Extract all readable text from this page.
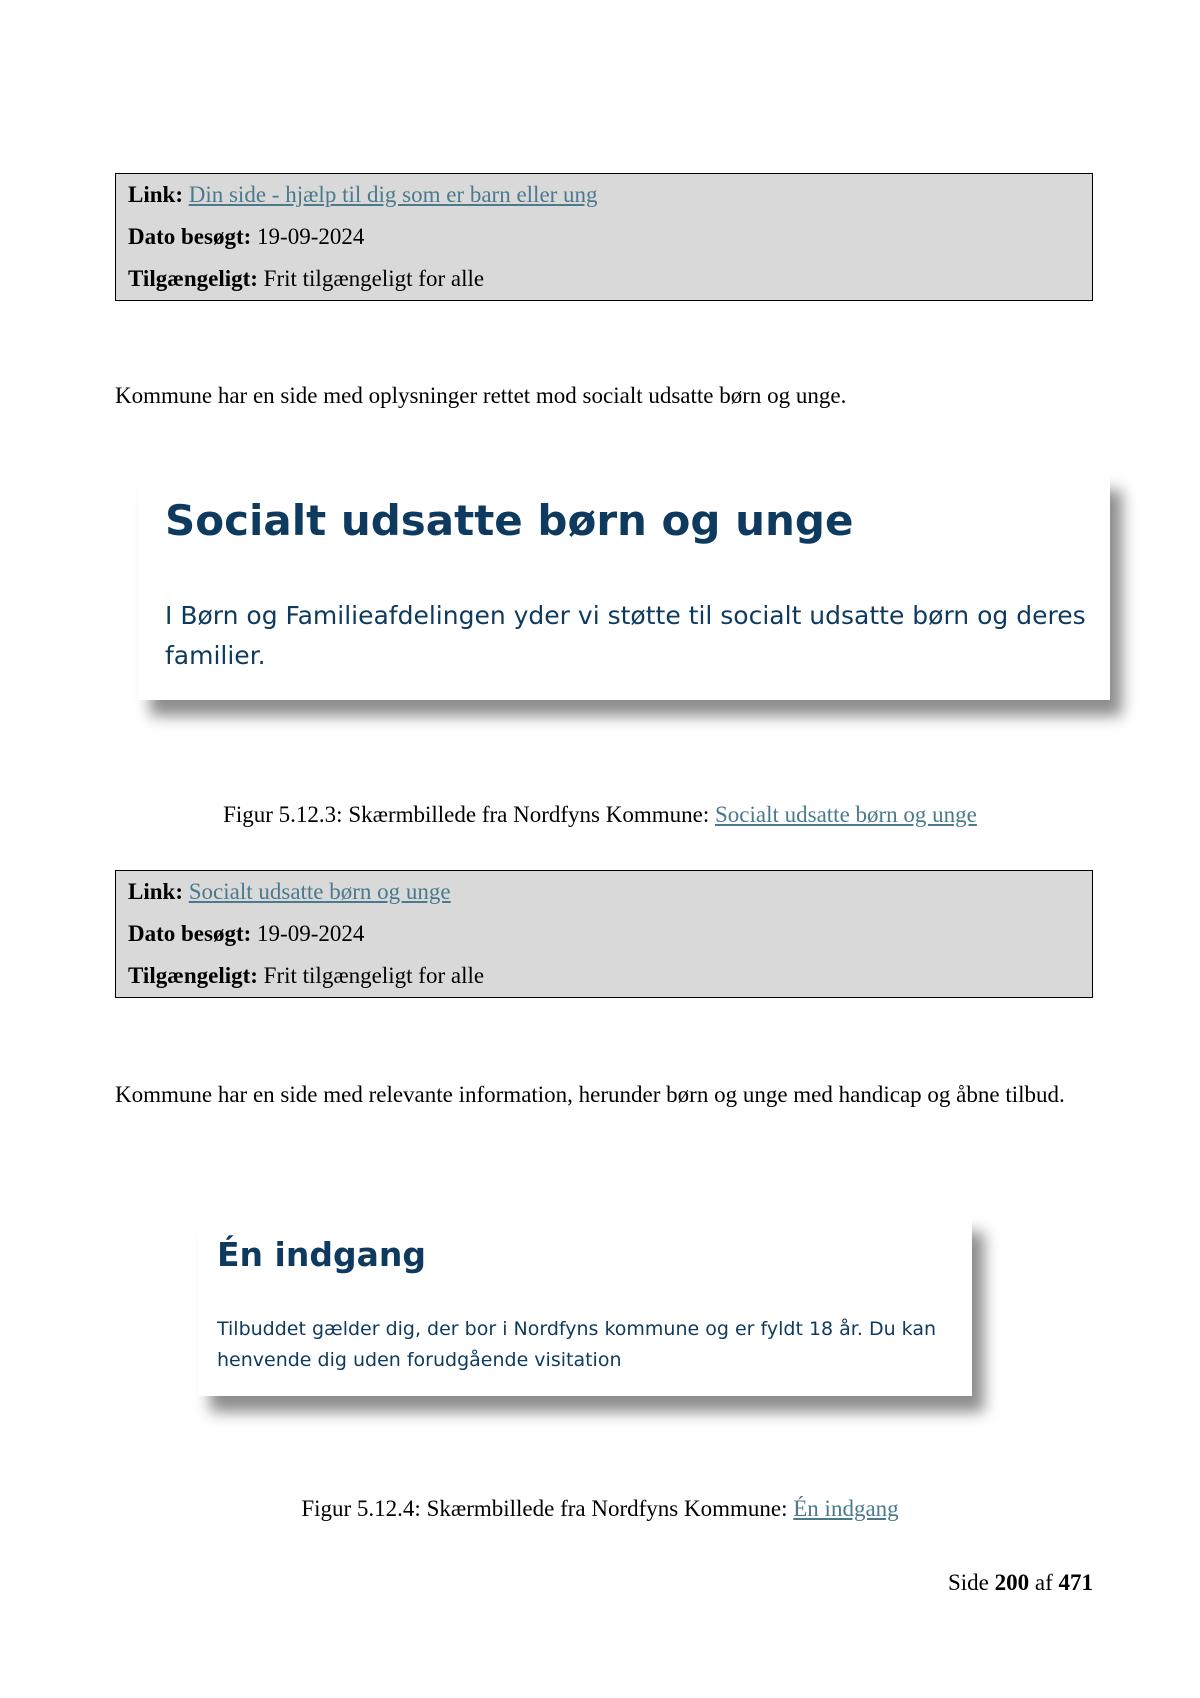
Link: Din side - hjælp til dig som er barn eller ung
Dato besøgt: 19-09-2024
Tilgængeligt: Frit tilgængeligt for alle

Kommune har en side med oplysninger rettet mod socialt udsatte børn og unge.

Socialt udsatte børn og unge

I Børn og Familieafdelingen yder vi støtte til socialt udsatte børn og deres familier.

Figur 5.12.3: Skærmbillede fra Nordfyns Kommune: Socialt udsatte børn og unge
Link: Socialt udsatte børn og unge
Dato besøgt: 19-09-2024
Tilgængeligt: Frit tilgængeligt for alle

Kommune har en side med relevante information, herunder børn og unge med handicap og åbne tilbud.

Én indgang

Tilbuddet gælder dig, der bor i Nordfyns kommune og er fyldt 18 år. Du kan henvende dig uden forudgående visitation

Figur 5.12.4: Skærmbillede fra Nordfyns Kommune: Én indgang
Side 200 af 471
